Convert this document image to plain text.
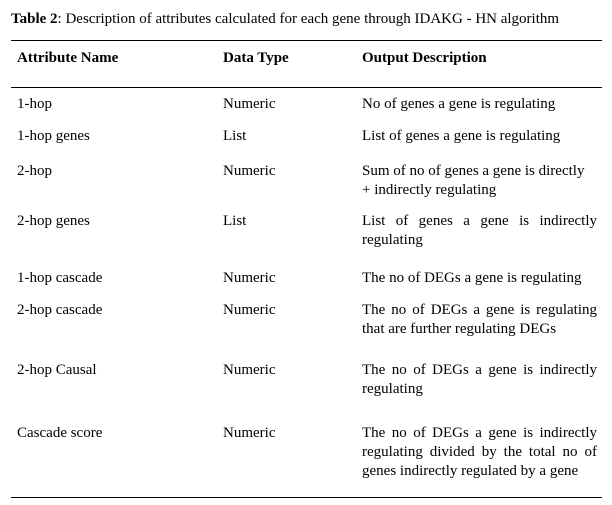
Table 2: Description of attributes calculated for each gene through IDAKG - HN algorithm
Attribute Name	Data Type	Output Description
1-hop	Numeric	No of genes a gene is regulating
1-hop genes	List	List of genes a gene is regulating
2-hop	Numeric	Sum of no of genes a gene is directly
+ indirectly regulating
2-hop genes	List	List of genes a gene is indirectly regulating
1-hop cascade	Numeric	The no of DEGs a gene is regulating
2-hop cascade	Numeric	The no of DEGs a gene is regulating that are further regulating DEGs
2-hop Causal	Numeric	The no of DEGs a gene is indirectly regulating
Cascade score	Numeric	The no of DEGs a gene is indirectly regulating divided by the total no of genes indirectly regulated by a gene
